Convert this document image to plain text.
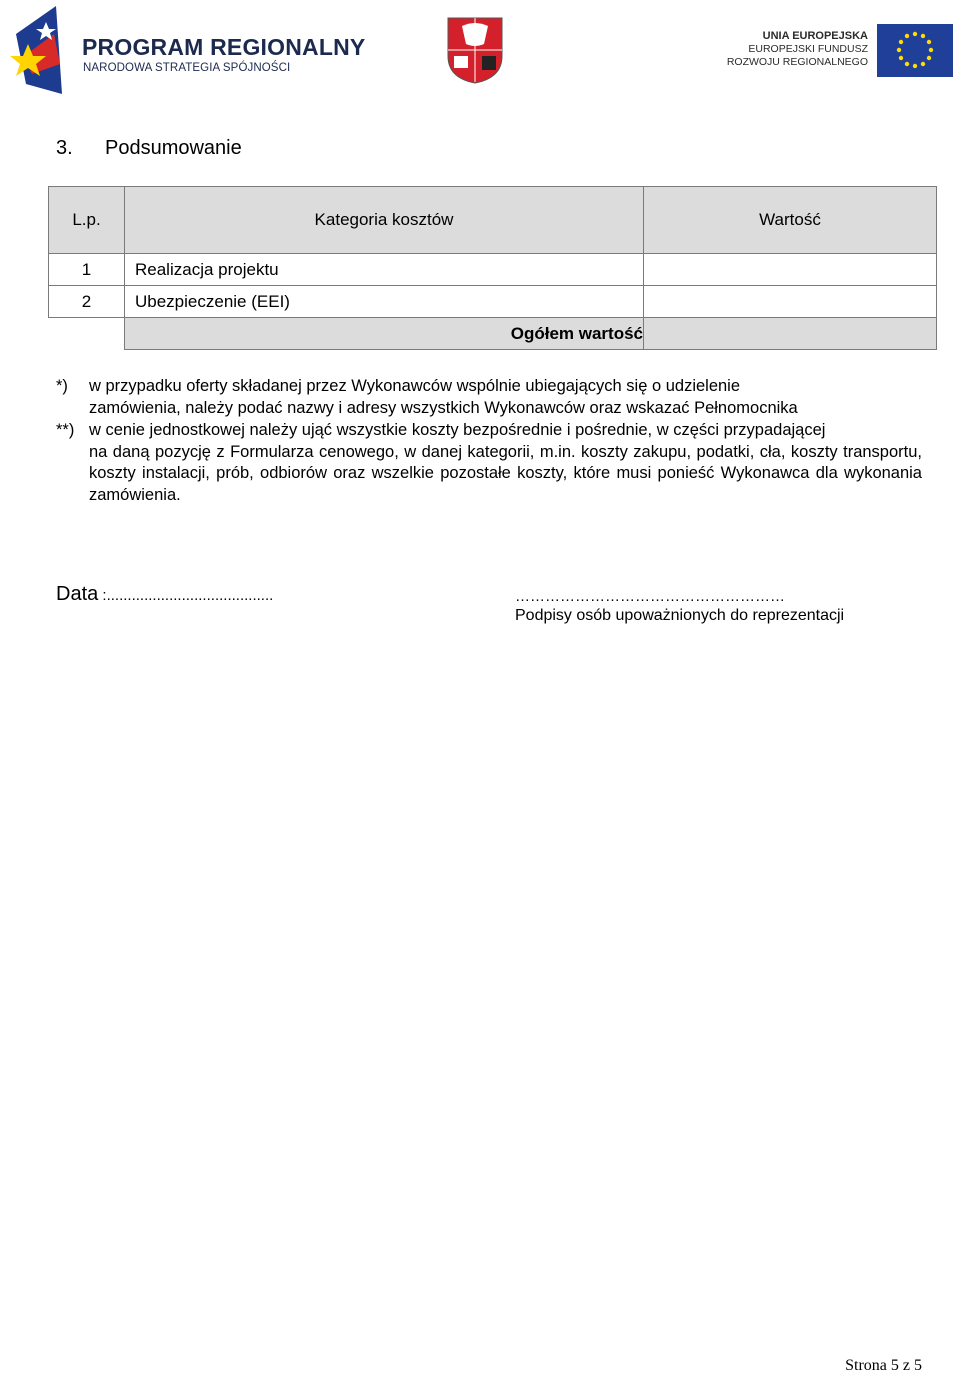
PROGRAM REGIONALNY
NARODOWA STRATEGIA SPÓJNOŚCI
UNIA EUROPEJSKA
EUROPEJSKI FUNDUSZ
ROZWOJU REGIONALNEGO
3. Podsumowanie
L.p.	Kategoria kosztów	Wartość
1	Realizacja projektu	
2	Ubezpieczenie (EEI)	
	Ogółem wartość	
*) w przypadku oferty składanej przez Wykonawców wspólnie ubiegających się o udzielenie
zamówienia, należy podać nazwy i adresy wszystkich Wykonawców oraz wskazać Pełnomocnika
**) w cenie jednostkowej należy ująć wszystkie koszty bezpośrednie i pośrednie, w części przypadającej
na daną pozycję z Formularza cenowego, w danej kategorii, m.in. koszty zakupu, podatki, cła, koszty transportu, koszty instalacji, prób, odbiorów oraz wszelkie pozostałe koszty, które musi ponieść Wykonawca dla wykonania zamówienia.
Data :........................................	………………………………………………
Podpisy osób upoważnionych do reprezentacji
Strona 5 z 5
